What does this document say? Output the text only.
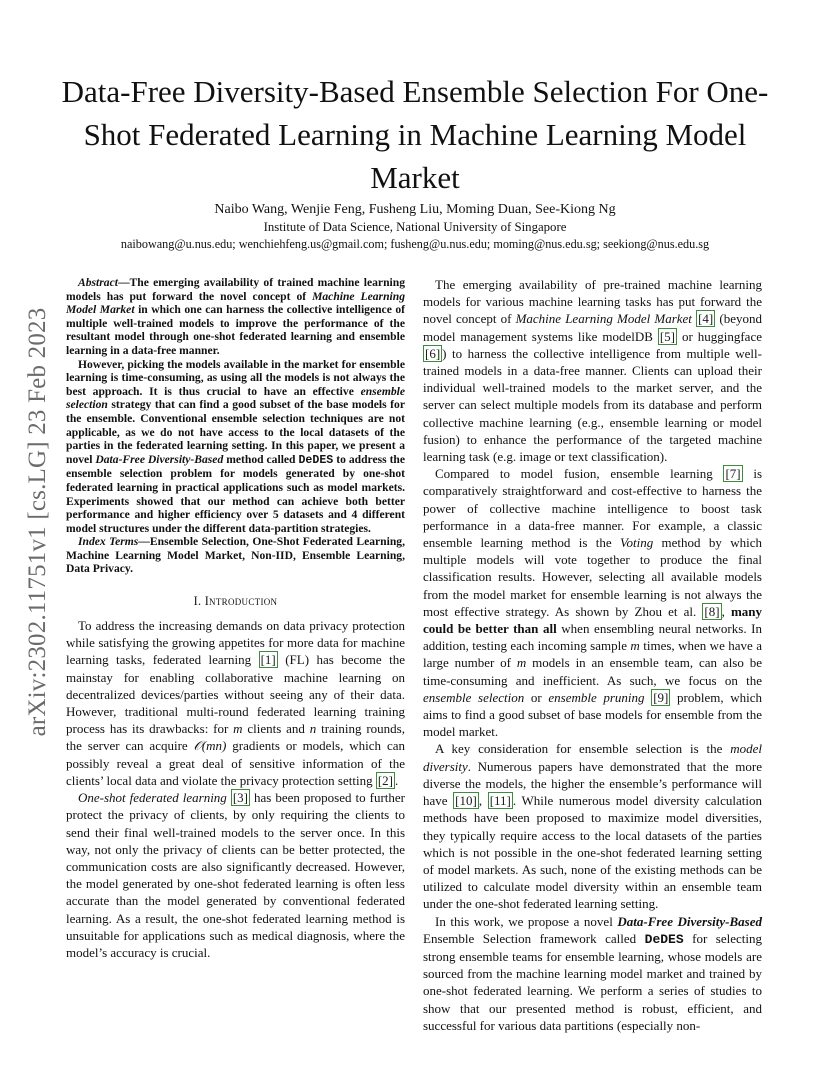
arXiv:2302.11751v1 [cs.LG] 23 Feb 2023
Data-Free Diversity-Based Ensemble Selection For One-Shot Federated Learning in Machine Learning Model Market
Naibo Wang, Wenjie Feng, Fusheng Liu, Moming Duan, See-Kiong Ng
Institute of Data Science, National University of Singapore
naibowang@u.nus.edu; wenchiehfeng.us@gmail.com; fusheng@u.nus.edu; moming@nus.edu.sg; seekiong@nus.edu.sg

Abstract—The emerging availability of trained machine learning models has put forward the novel concept of Machine Learning Model Market in which one can harness the collective intelligence of multiple well-trained models to improve the performance of the resultant model through one-shot federated learning and ensemble learning in a data-free manner.

However, picking the models available in the market for ensemble learning is time-consuming, as using all the models is not always the best approach. It is thus crucial to have an effective ensemble selection strategy that can find a good subset of the base models for the ensemble. Conventional ensemble selection techniques are not applicable, as we do not have access to the local datasets of the parties in the federated learning setting. In this paper, we present a novel Data-Free Diversity-Based method called DeDES to address the ensemble selection problem for models generated by one-shot federated learning in practical applications such as model markets. Experiments showed that our method can achieve both better performance and higher efficiency over 5 datasets and 4 different model structures under the different data-partition strategies.

Index Terms—Ensemble Selection, One-Shot Federated Learning, Machine Learning Model Market, Non-IID, Ensemble Learning, Data Privacy.

I. Introduction

To address the increasing demands on data privacy protection while satisfying the growing appetites for more data for machine learning tasks, federated learning [1] (FL) has become the mainstay for enabling collaborative machine learning on decentralized devices/parties without seeing any of their data. However, traditional multi-round federated learning training process has its drawbacks: for m clients and n training rounds, the server can acquire 𝒪(mn) gradients or models, which can possibly reveal a great deal of sensitive information of the clients’ local data and violate the privacy protection setting [2] .

One-shot federated learning [3] has been proposed to further protect the privacy of clients, by only requiring the clients to send their final well-trained models to the server once. In this way, not only the privacy of clients can be better protected, the communication costs are also significantly decreased. However, the model generated by one-shot federated learning is often less accurate than the model generated by conventional federated learning. As a result, the one-shot federated learning method is unsuitable for applications such as medical diagnosis, where the model’s accuracy is crucial.

The emerging availability of pre-trained machine learning models for various machine learning tasks has put forward the novel concept of Machine Learning Model Market [4] (beyond model management systems like modelDB [5] or huggingface [6] ) to harness the collective intelligence from multiple well-trained models in a data-free manner. Clients can upload their individual well-trained models to the market server, and the server can select multiple models from its database and perform collective machine learning (e.g., ensemble learning or model fusion) to enhance the performance of the targeted machine learning task (e.g. image or text classification).

Compared to model fusion, ensemble learning [7] is comparatively straightforward and cost-effective to harness the power of collective machine intelligence to boost task performance in a data-free manner. For example, a classic ensemble learning method is the Voting method by which multiple models will vote together to produce the final classification results. However, selecting all available models from the model market for ensemble learning is not always the most effective strategy. As shown by Zhou et al. [8] , many could be better than all when ensembling neural networks. In addition, testing each incoming sample m times, when we have a large number of m models in an ensemble team, can also be time-consuming and inefficient. As such, we focus on the ensemble selection or ensemble pruning [9] problem, which aims to find a good subset of base models for ensemble from the model market.

A key consideration for ensemble selection is the model diversity. Numerous papers have demonstrated that the more diverse the models, the higher the ensemble’s performance will have [10] , [11] . While numerous model diversity calculation methods have been proposed to maximize model diversities, they typically require access to the local datasets of the parties which is not possible in the one-shot federated learning setting of model markets. As such, none of the existing methods can be utilized to calculate model diversity within an ensemble team under the one-shot federated learning setting.

In this work, we propose a novel Data-Free Diversity-Based Ensemble Selection framework called DeDES for selecting strong ensemble teams for ensemble learning, whose models are sourced from the machine learning model market and trained by one-shot federated learning. We perform a series of studies to show that our presented method is robust, efficient, and successful for various data partitions (especially non-
